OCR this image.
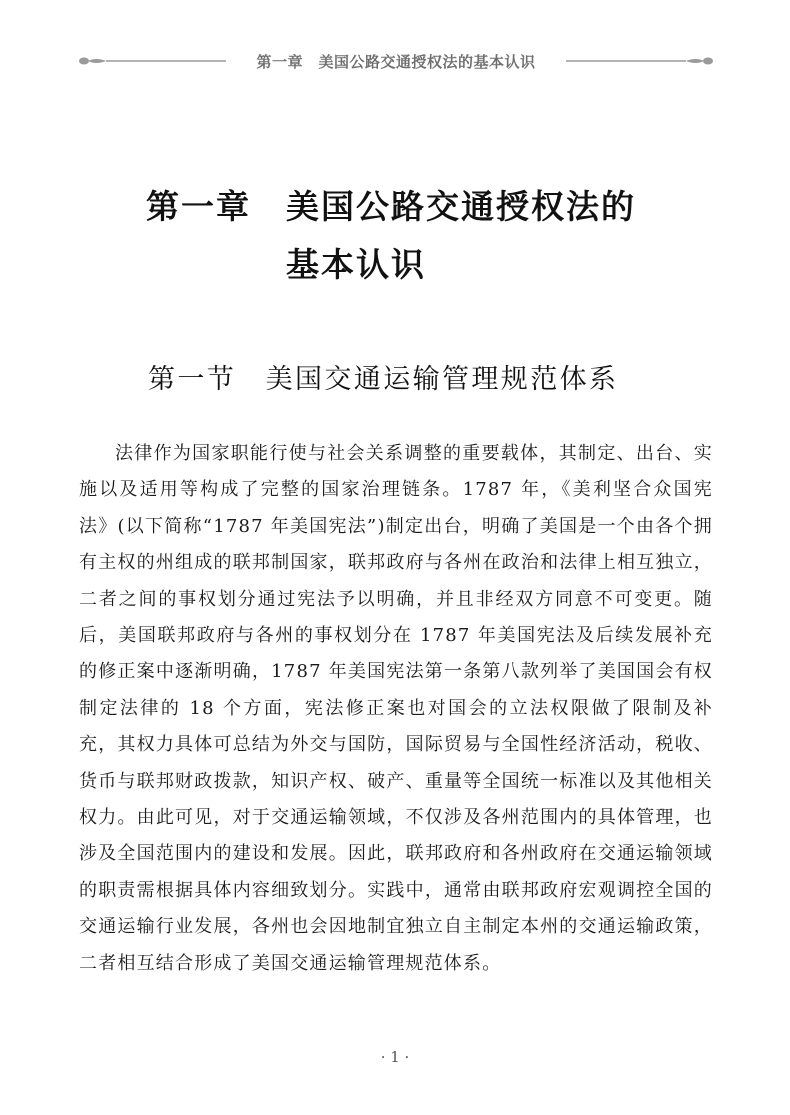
第一章　美国公路交通授权法的基本认识
第一章　美国公路交通授权法的
基本认识
第一节　美国交通运输管理规范体系

法律作为国家职能行使与社会关系调整的重要载体，其制定、出台、实施以及适用等构成了完整的国家治理链条。1787 年，《美利坚合众国宪法》(以下简称“1787 年美国宪法”)制定出台，明确了美国是一个由各个拥有主权的州组成的联邦制国家，联邦政府与各州在政治和法律上相互独立，二者之间的事权划分通过宪法予以明确，并且非经双方同意不可变更。随后，美国联邦政府与各州的事权划分在 1787 年美国宪法及后续发展补充的修正案中逐渐明确，1787 年美国宪法第一条第八款列举了美国国会有权制定法律的 18 个方面，宪法修正案也对国会的立法权限做了限制及补充，其权力具体可总结为外交与国防，国际贸易与全国性经济活动，税收、货币与联邦财政拨款，知识产权、破产、重量等全国统一标准以及其他相关权力。由此可见，对于交通运输领域，不仅涉及各州范围内的具体管理，也涉及全国范围内的建设和发展。因此，联邦政府和各州政府在交通运输领域的职责需根据具体内容细致划分。实践中，通常由联邦政府宏观调控全国的交通运输行业发展，各州也会因地制宜独立自主制定本州的交通运输政策，二者相互结合形成了美国交通运输管理规范体系。

· 1 ·
